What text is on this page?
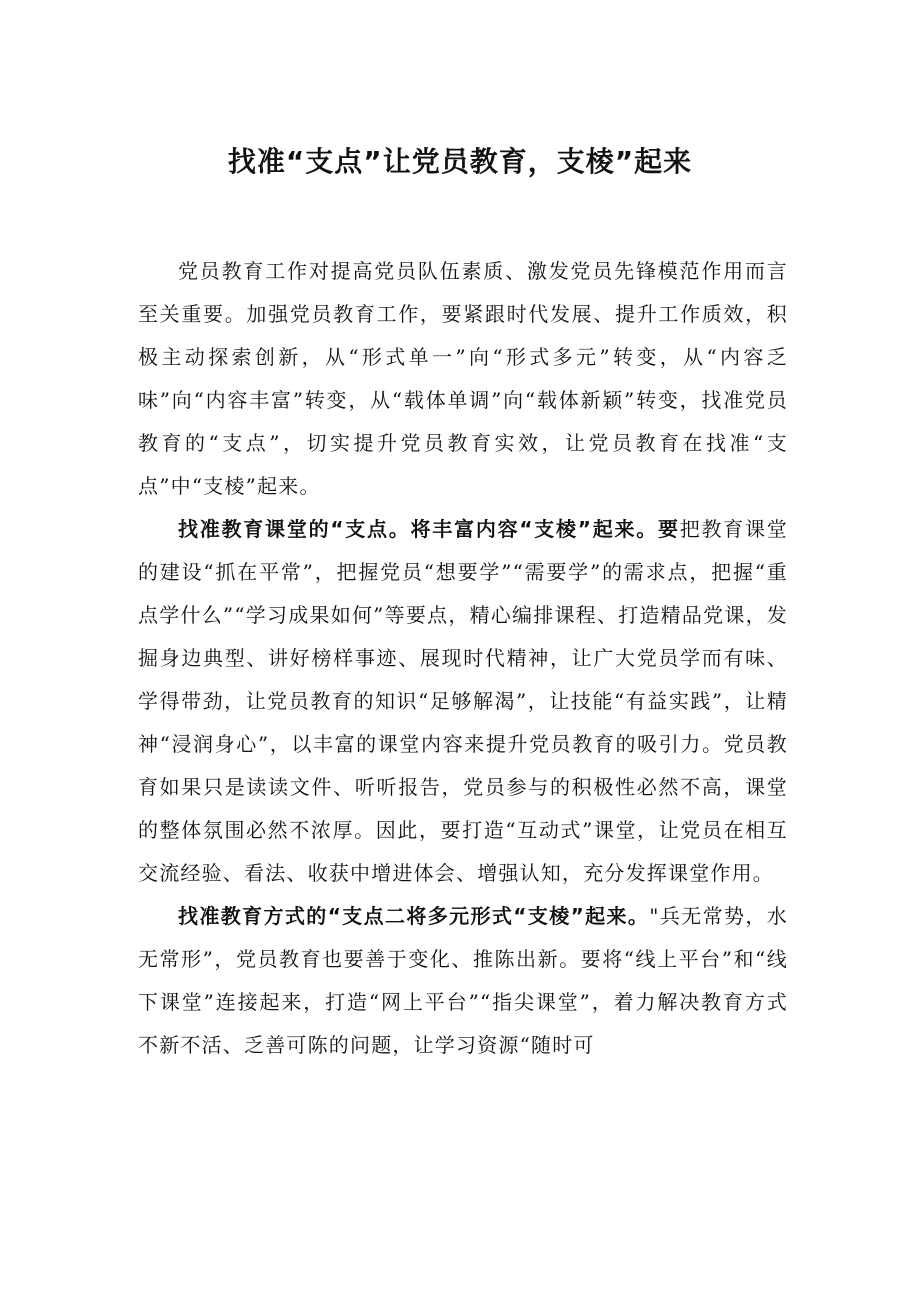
找准“支点”让党员教育，支棱”起来

党员教育工作对提高党员队伍素质、激发党员先锋模范作用而言至关重要。加强党员教育工作，要紧跟时代发展、提升工作质效，积极主动探索创新，从“形式单一”向“形式多元”转变，从“内容乏味”向“内容丰富”转变，从“载体单调”向“载体新颖”转变，找准党员教育的“支点”，切实提升党员教育实效，让党员教育在找准“支点”中“支棱”起来。

找准教育课堂的“支点。将丰富内容“支棱”起来。要把教育课堂的建设“抓在平常”，把握党员“想要学”“需要学”的需求点，把握“重点学什么”“学习成果如何”等要点，精心编排课程、打造精品党课，发掘身边典型、讲好榜样事迹、展现时代精神，让广大党员学而有味、学得带劲，让党员教育的知识“足够解渴”，让技能“有益实践”，让精神“浸润身心”，以丰富的课堂内容来提升党员教育的吸引力。党员教育如果只是读读文件、听听报告，党员参与的积极性必然不高，课堂的整体氛围必然不浓厚。因此，要打造“互动式”课堂，让党员在相互交流经验、看法、收获中增进体会、增强认知，充分发挥课堂作用。

找准教育方式的“支点二将多元形式“支棱”起来。"兵无常势，水无常形”，党员教育也要善于变化、推陈出新。要将“线上平台”和“线下课堂”连接起来，打造“网上平台”“指尖课堂”，着力解决教育方式不新不活、乏善可陈的问题，让学习资源“随时可
